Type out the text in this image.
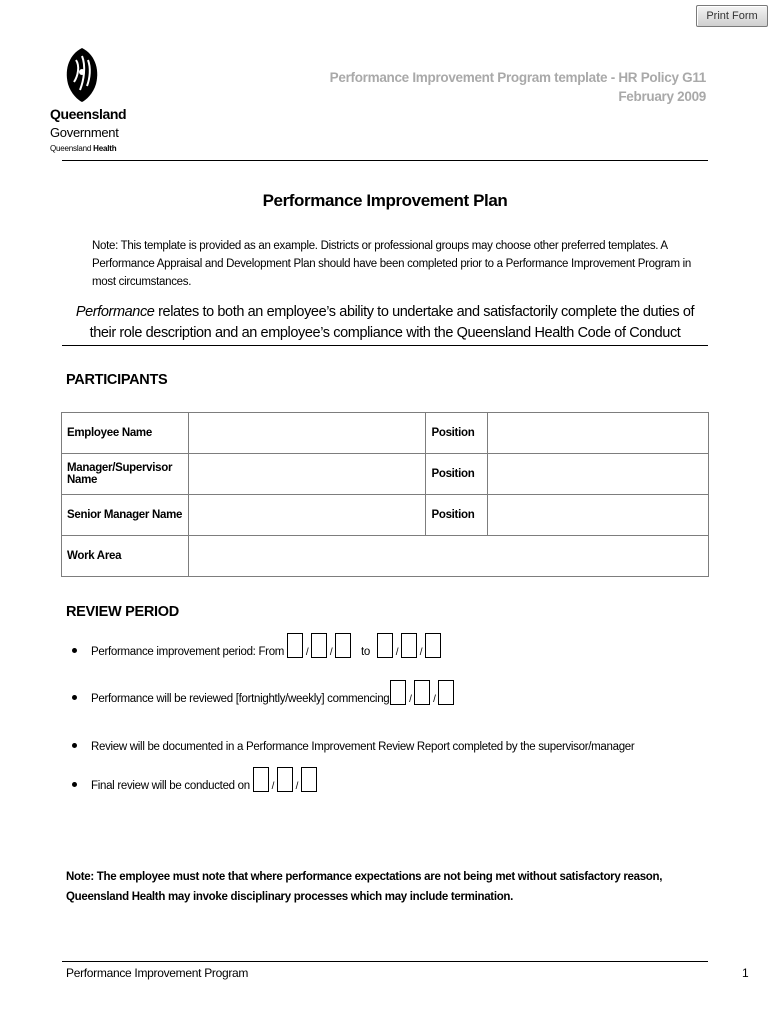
Print Form
Queensland
Government
Queensland Health
Performance Improvement Program template - HR Policy G11
February 2009
Performance Improvement Plan
Note: This template is provided as an example. Districts or professional groups may choose other preferred templates. A Performance Appraisal and Development Plan should have been completed prior to a Performance Improvement Program in most circumstances.
Performance relates to both an employee’s ability to undertake and satisfactorily complete the duties of their role description and an employee’s compliance with the Queensland Health Code of Conduct
PARTICIPANTS
Employee Name		Position	
Manager/Supervisor Name		Position	
Senior Manager Name		Position	
Work Area			
REVIEW PERIOD
Performance improvement period: From / / to	/ /
Performance will be reviewed [fortnightly/weekly] commencing / /
Review will be documented in a Performance Improvement Review Report completed by the supervisor/manager
Final review will be conducted on / /
Note: The employee must note that where performance expectations are not being met without satisfactory reason, Queensland Health may invoke disciplinary processes which may include termination.
Performance Improvement Program	1
